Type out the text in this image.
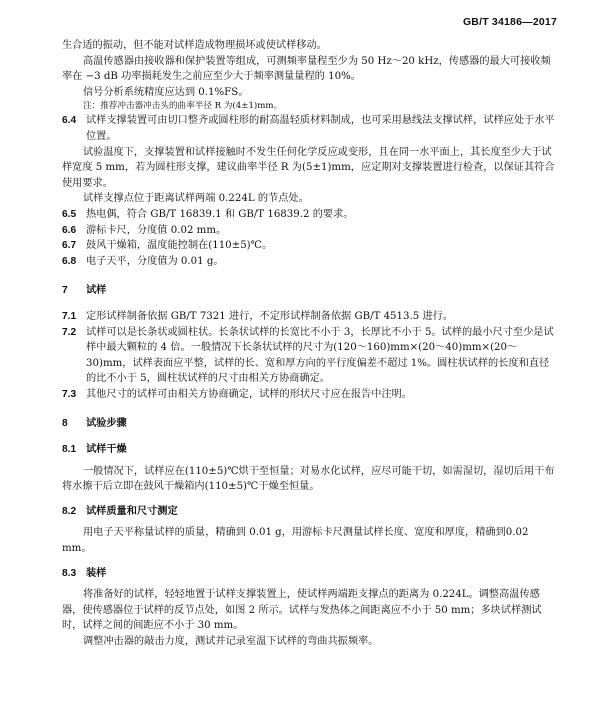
GB/T 34186—2017

生合适的振动，但不能对试样造成物理损坏或使试样移动。

高温传感器由接收器和保护装置等组成，可测频率量程至少为 50 Hz～20 kHz，传感器的最大可接收频率在 −3 dB 功率损耗发生之前应至少大于频率测量量程的 10%。

信号分析系统精度应达到 0.1%FS。

注：推荐冲击器冲击头的曲率半径 R 为(4±1)mm。

6.4 试样支撑装置可由切口整齐或圆柱形的耐高温轻质材料制成，也可采用悬线法支撑试样，试样应处于水平位置。

试验温度下，支撑装置和试样接触时不发生任何化学反应或变形，且在同一水平面上，其长度至少大于试样宽度 5 mm，若为圆柱形支撑，建议曲率半径 R 为(5±1)mm，应定期对支撑装置进行检查，以保证其符合使用要求。

试样支撑点位于距离试样两端 0.224L 的节点处。

6.5 热电偶，符合 GB/T 16839.1 和 GB/T 16839.2 的要求。
6.6 游标卡尺，分度值 0.02 mm。
6.7 鼓风干燥箱，温度能控制在(110±5)℃。
6.8 电子天平，分度值为 0.01 g。
7	试样
7.1 定形试样制备依据 GB/T 7321 进行，不定形试样制备依据 GB/T 4513.5 进行。
7.2 试样可以是长条状或圆柱状。长条状试样的长宽比不小于 3，长厚比不小于 5。试样的最小尺寸至少是试样中最大颗粒的 4 倍。一般情况下长条状试样的尺寸为(120～160)mm×(20～40)mm×(20～30)mm，试样表面应平整，试样的长、宽和厚方向的平行度偏差不超过 1%。圆柱状试样的长度和直径的比不小于 5，圆柱状试样的尺寸由相关方协商确定。
7.3 其他尺寸的试样可由相关方协商确定，试样的形状尺寸应在报告中注明。
8	试验步骤
8.1 试样干燥

一般情况下，试样应在(110±5)℃烘干至恒量；对易水化试样，应尽可能干切，如需湿切，湿切后用干布将水擦干后立即在鼓风干燥箱内(110±5)℃干燥至恒量。

8.2 试样质量和尺寸测定

用电子天平称量试样的质量，精确到 0.01 g，用游标卡尺测量试样长度、宽度和厚度，精确到0.02 mm。

8.3 装样

将准备好的试样，轻轻地置于试样支撑装置上，使试样两端距支撑点的距离为 0.224L。调整高温传感器，使传感器位于试样的反节点处，如图 2 所示。试样与发热体之间距离应不小于 50 mm；多块试样测试时，试样之间的间距应不小于 30 mm。

调整冲击器的敲击力度，测试并记录室温下试样的弯曲共振频率。
